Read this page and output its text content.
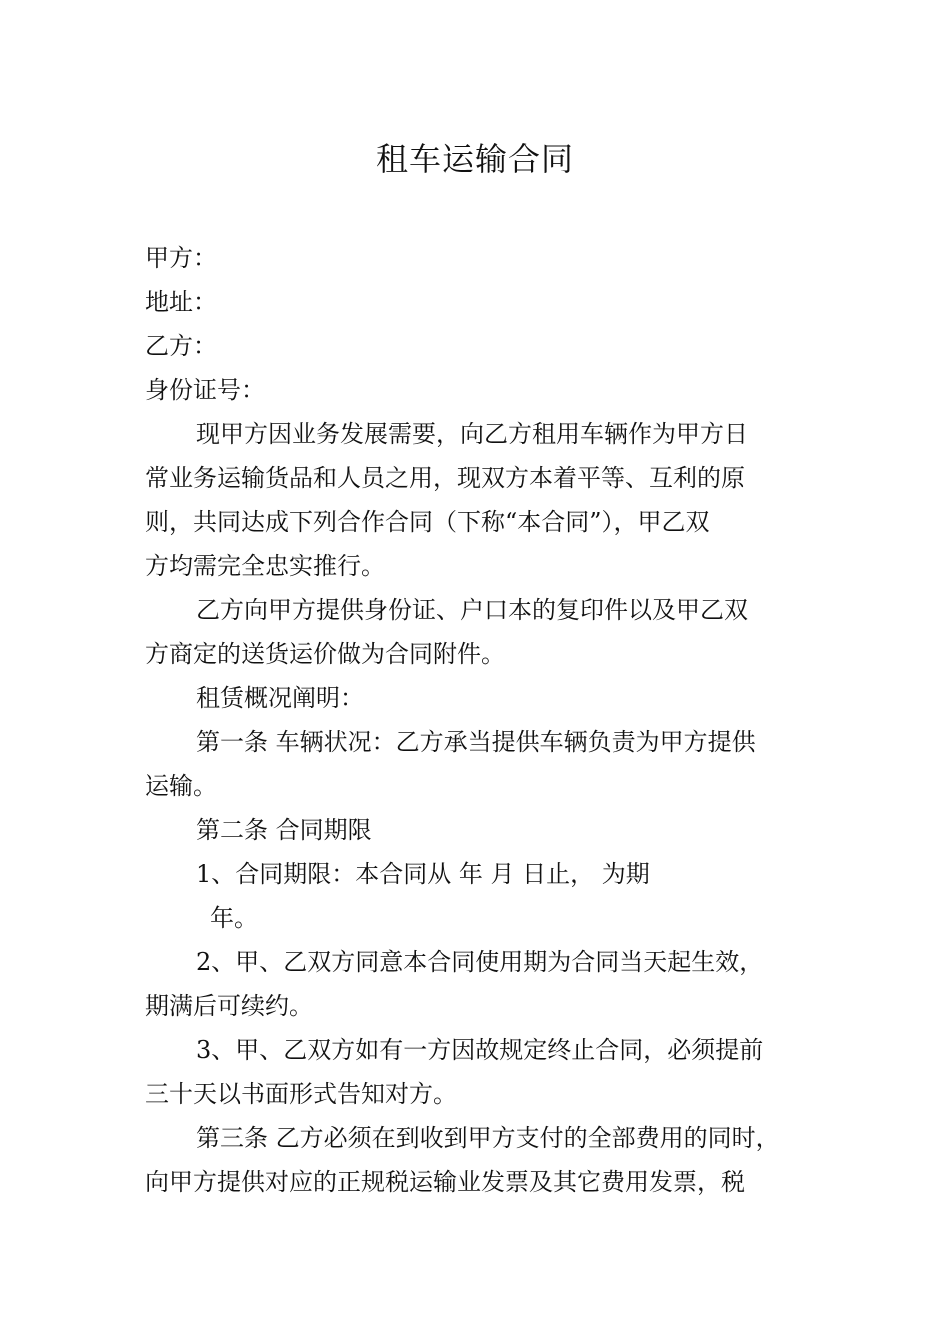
租车运输合同
甲方：
地址：
乙方：
身份证号：
现甲方因业务发展需要，向乙方租用车辆作为甲方日
常业务运输货品和人员之用，现双方本着平等、互利的原
则，共同达成下列合作合同（下称“本合同”），甲乙双
方均需完全忠实推行。
乙方向甲方提供身份证、户口本的复印件以及甲乙双
方商定的送货运价做为合同附件。
租赁概况阐明：
第一条 车辆状况：乙方承当提供车辆负责为甲方提供
运输。
第二条 合同期限
1、合同期限：本合同从 年 月 日止， 为期
年。
2、甲、乙双方同意本合同使用期为合同当天起生效，
期满后可续约。
3、甲、乙双方如有一方因故规定终止合同，必须提前
三十天以书面形式告知对方。
第三条 乙方必须在到收到甲方支付的全部费用的同时，
向甲方提供对应的正规税运输业发票及其它费用发票，税
